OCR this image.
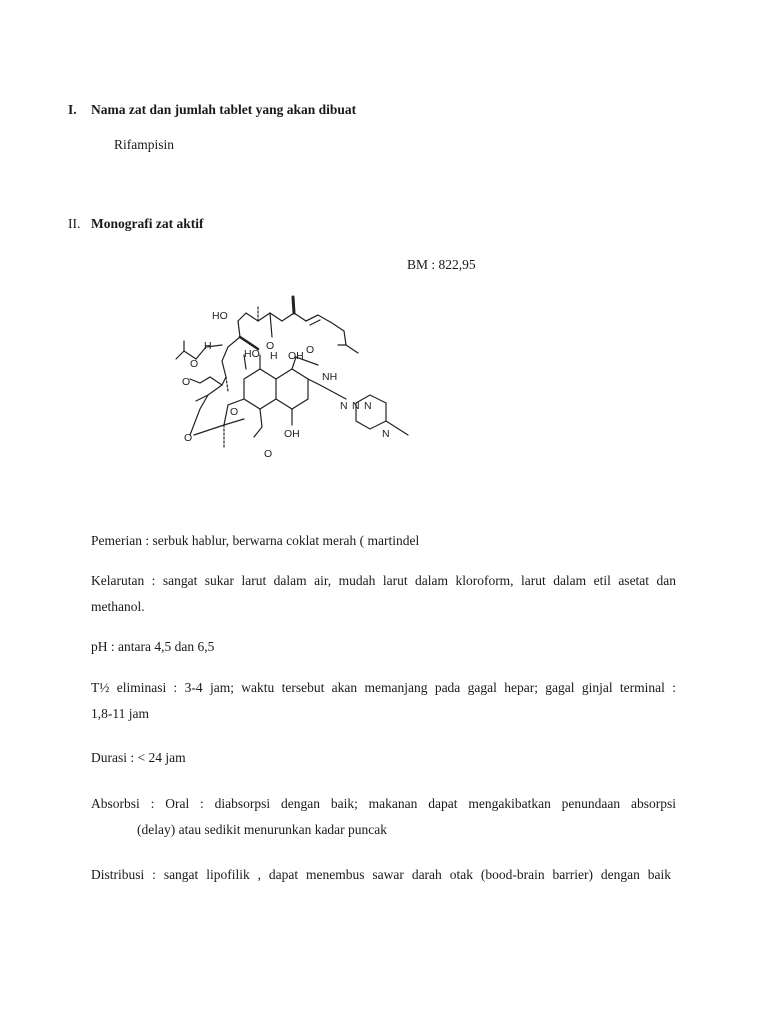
I. Nama zat dan jumlah tablet yang akan dibuat
Rifampisin
II. Monografi zat aktif
BM : 822,95
HO
H
O
O
HO
O
H OH O
NH
N N N
N
OH
O
O
O
Pemerian : serbuk hablur, berwarna coklat merah ( martindel
Kelarutan : sangat sukar larut dalam air, mudah larut dalam kloroform, larut dalam etil asetat dan
methanol.
pH : antara 4,5 dan 6,5
T½ eliminasi : 3-4 jam; waktu tersebut akan memanjang pada gagal hepar; gagal ginjal terminal :
1,8-11 jam
Durasi : < 24 jam
Absorbsi : Oral : diabsorpsi dengan baik; makanan dapat mengakibatkan penundaan absorpsi
(delay) atau sedikit menurunkan kadar puncak
Distribusi : sangat lipofilik , dapat menembus sawar darah otak (bood-brain barrier) dengan baik
